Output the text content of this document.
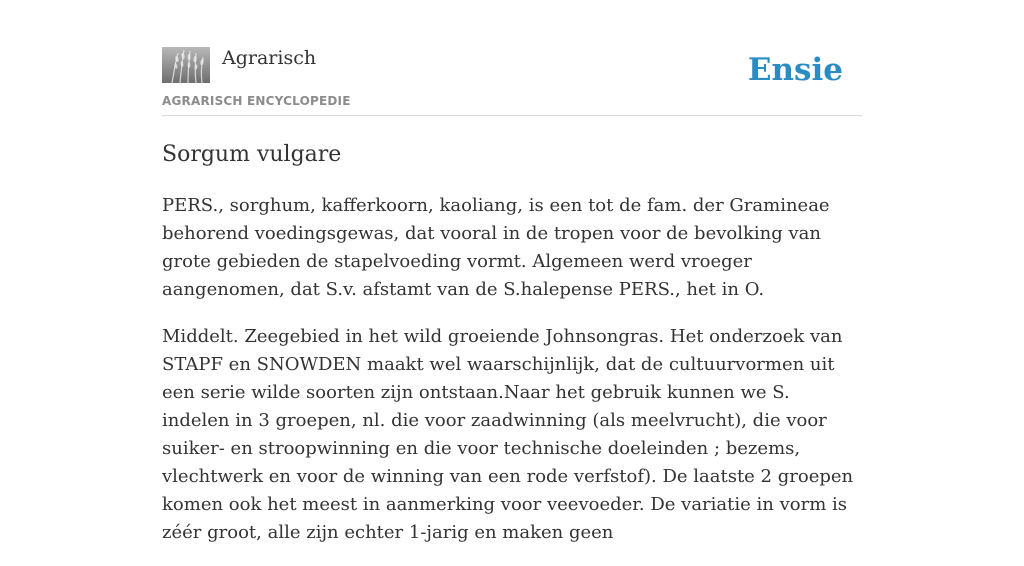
Agrarisch
AGRARISCH ENCYCLOPEDIE
Ensie
Sorgum vulgare

PERS., sorghum, kafferkoorn, kaoliang, is een tot de fam. der Gramineae behorend voedingsgewas, dat vooral in de tropen voor de bevolking van grote gebieden de stapelvoeding vormt. Algemeen werd vroeger aangenomen, dat S.v. afstamt van de S.halepense PERS., het in O.

Middelt. Zeegebied in het wild groeiende Johnsongras. Het onderzoek van STAPF en SNOWDEN maakt wel waarschijnlijk, dat de cultuurvormen uit een serie wilde soorten zijn ontstaan.Naar het gebruik kunnen we S. indelen in 3 groepen, nl. die voor zaadwinning (als meelvrucht), die voor suiker- en stroopwinning en die voor technische doeleinden ; bezems, vlechtwerk en voor de winning van een rode verfstof). De laatste 2 groepen komen ook het meest in aanmerking voor veevoeder. De variatie in vorm is zéér groot, alle zijn echter 1-jarig en maken geen
